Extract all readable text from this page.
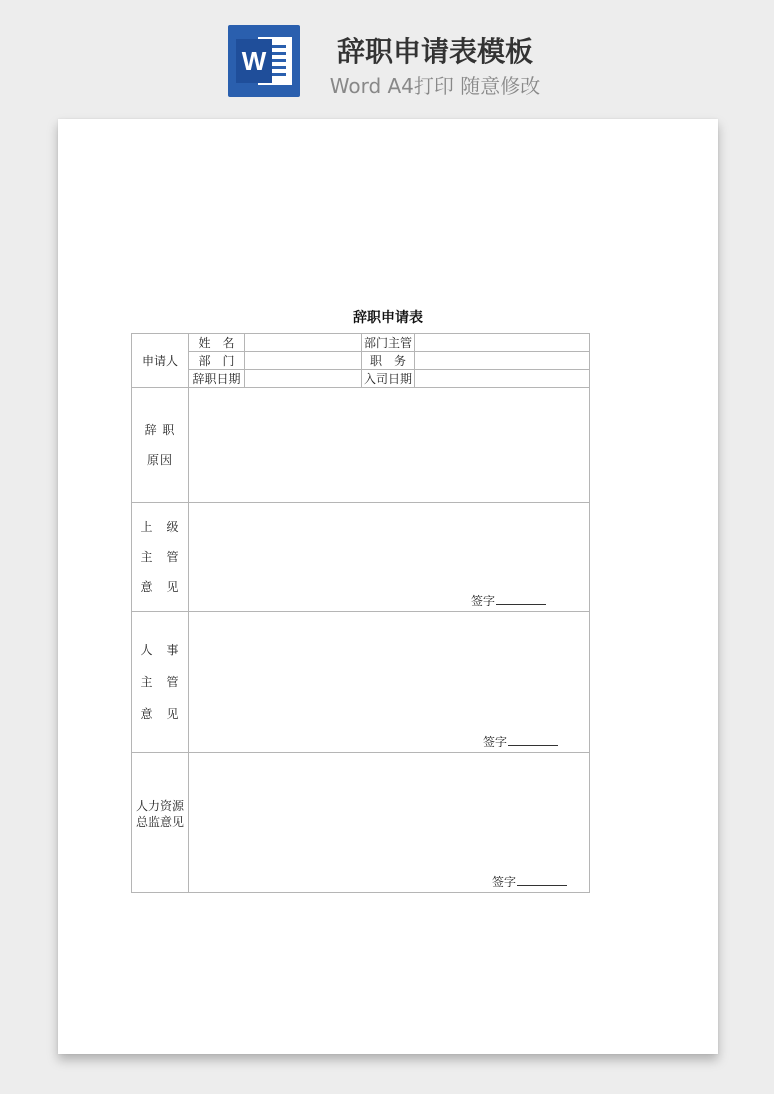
W	辞职申请表模板
Word A4打印 随意修改
辞职申请表
申请人	姓　名		部门主管	
	部　门		职　务	
	辞职日期		入司日期	

辞 职
原因				

上　级
主　管
意　见	签字			

人　事
主　管
意　见	签字			

人力资源
总监意见	签字			
